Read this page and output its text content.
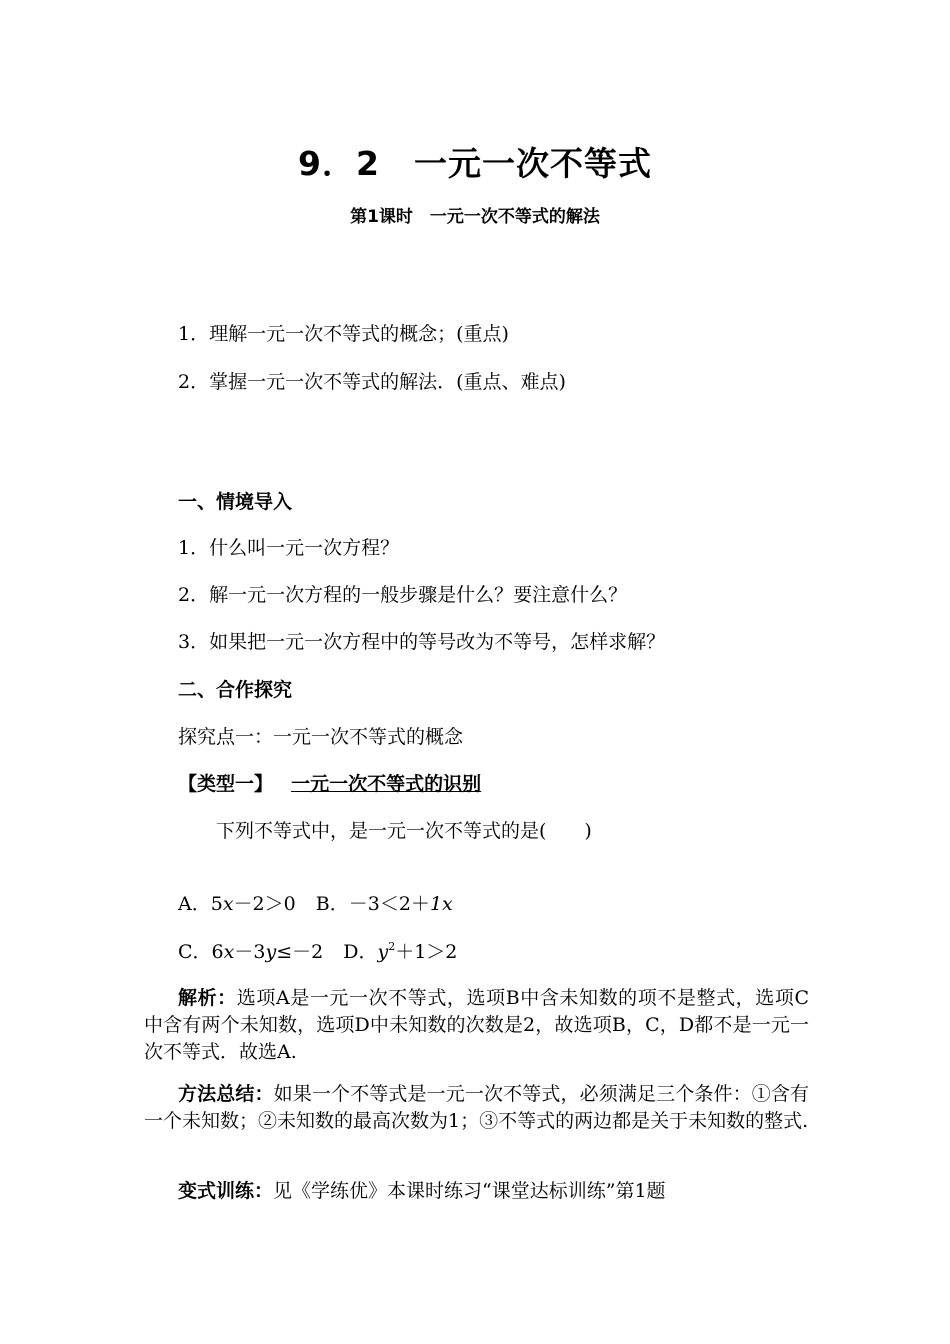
9．2　一元一次不等式
第1课时　一元一次不等式的解法
1．理解一元一次不等式的概念；(重点)
2．掌握一元一次不等式的解法．(重点、难点)
一、情境导入
1．什么叫一元一次方程？
2．解一元一次方程的一般步骤是什么？要注意什么？
3．如果把一元一次方程中的等号改为不等号，怎样求解？
二、合作探究
探究点一：一元一次不等式的概念
【类型一】 一元一次不等式的识别
下列不等式中，是一元一次不等式的是(　　)
A．5x－2＞0 B．－3＜2＋1x
C．6x－3y≤－2 D．$y^2+1>2$
解析：选项A是一元一次不等式，选项B中含未知数的项不是整式，选项C中含有两个未知数，选项D中未知数的次数是2，故选项B，C，D都不是一元一次不等式．故选A.
方法总结：如果一个不等式是一元一次不等式，必须满足三个条件：①含有一个未知数；②未知数的最高次数为1；③不等式的两边都是关于未知数的整式.
变式训练：见《学练优》本课时练习“课堂达标训练”第1题
